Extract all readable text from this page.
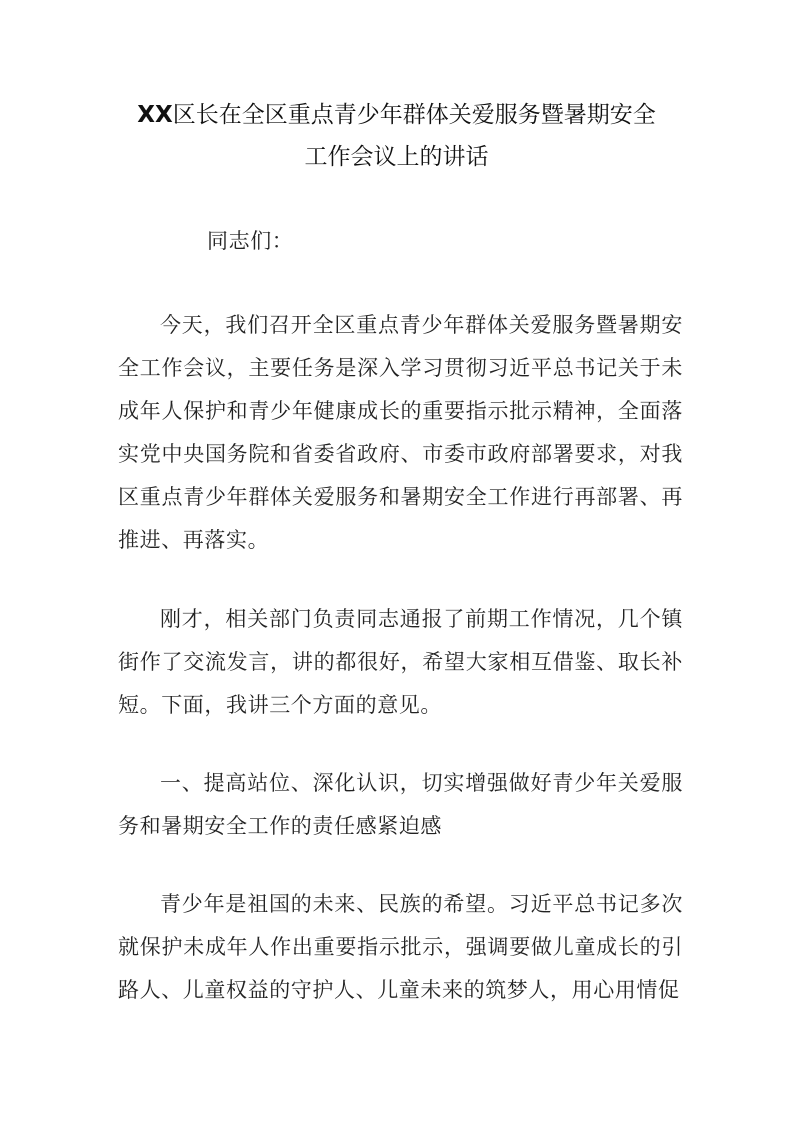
XX区长在全区重点青少年群体关爱服务暨暑期安全
工作会议上的讲话
同志们：
今天，我们召开全区重点青少年群体关爱服务暨暑期安全工作会议，主要任务是深入学习贯彻习近平总书记关于未成年人保护和青少年健康成长的重要指示批示精神，全面落实党中央国务院和省委省政府、市委市政府部署要求，对我区重点青少年群体关爱服务和暑期安全工作进行再部署、再推进、再落实。
刚才，相关部门负责同志通报了前期工作情况，几个镇街作了交流发言，讲的都很好，希望大家相互借鉴、取长补短。下面，我讲三个方面的意见。
一、提高站位、深化认识，切实增强做好青少年关爱服务和暑期安全工作的责任感紧迫感
青少年是祖国的未来、民族的希望。习近平总书记多次就保护未成年人作出重要指示批示，强调要做儿童成长的引路人、儿童权益的守护人、儿童未来的筑梦人，用心用情促
